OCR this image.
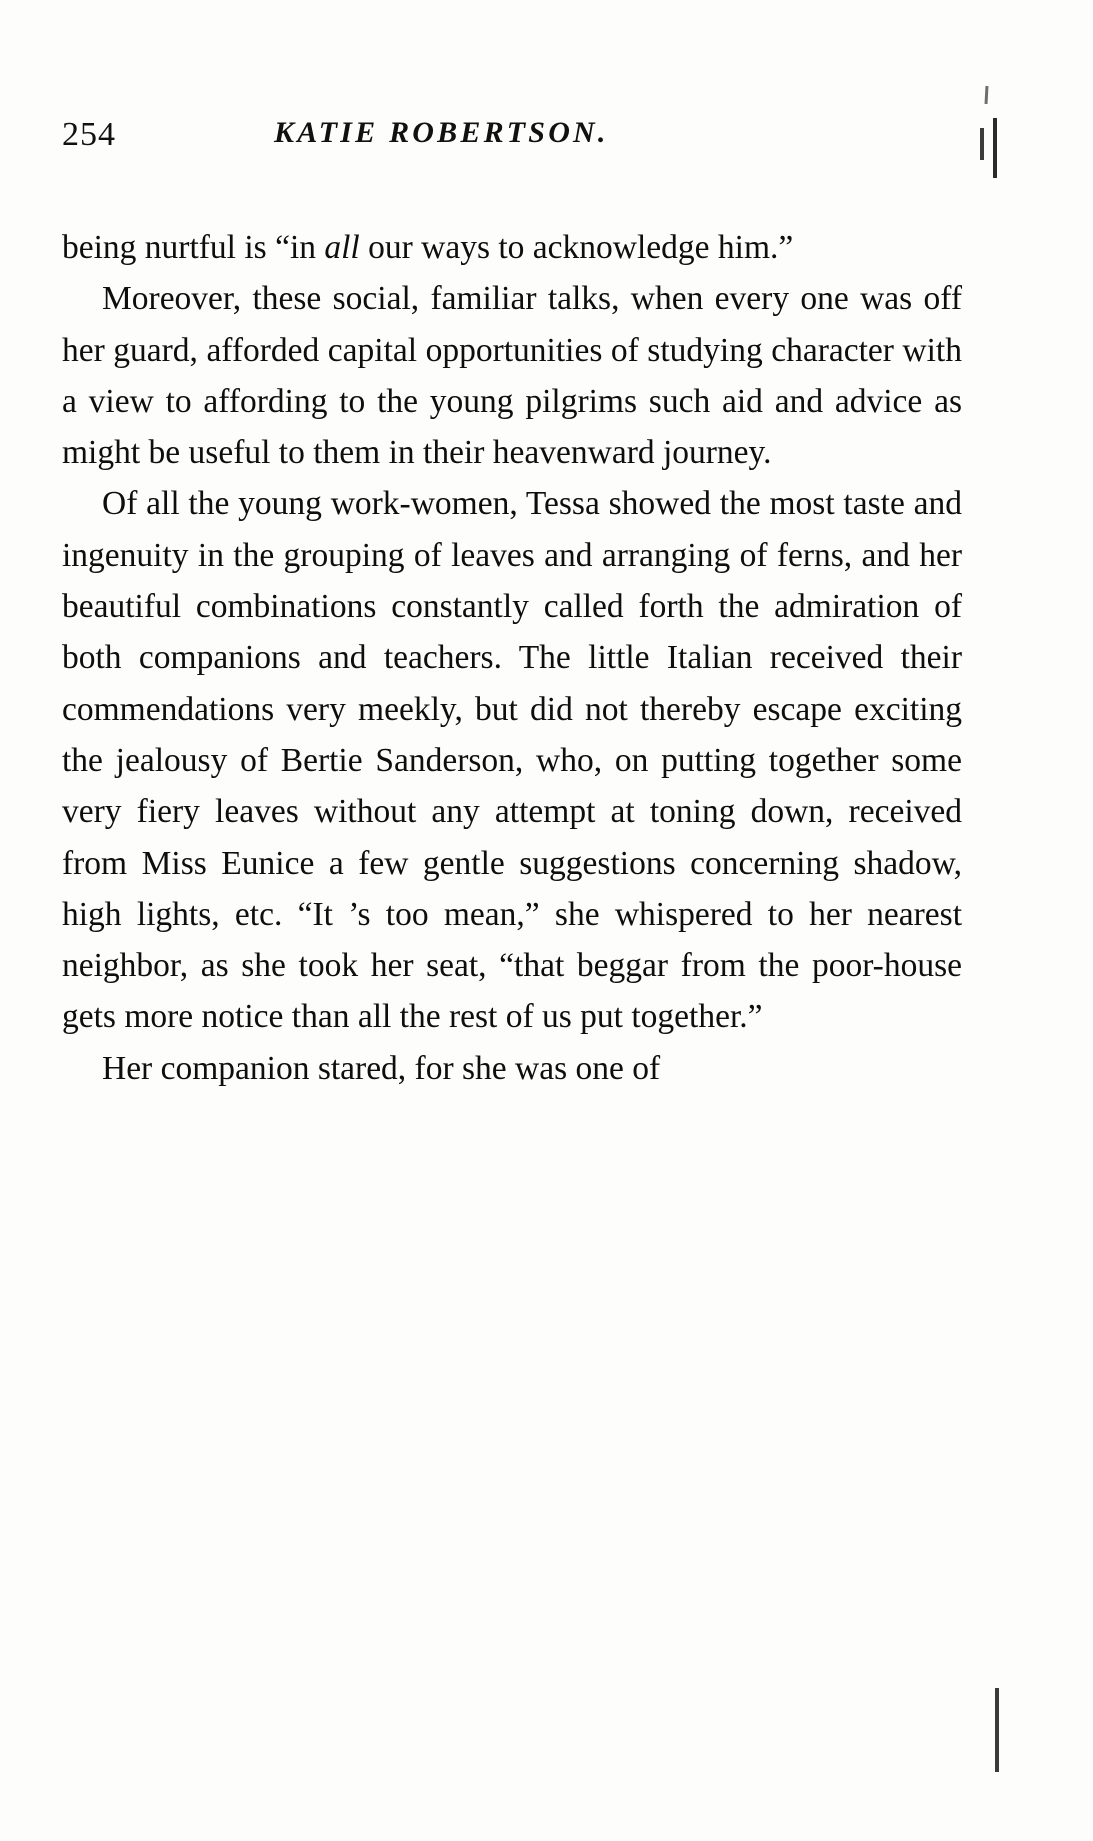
254	KATIE ROBERTSON.

being nurtful is “in all our ways to acknowledge him.”

Moreover, these social, familiar talks, when every one was off her guard, afforded capital opportunities of studying character with a view to affording to the young pilgrims such aid and advice as might be useful to them in their heavenward journey.

Of all the young work-women, Tessa showed the most taste and ingenuity in the grouping of leaves and arranging of ferns, and her beautiful combinations constantly called forth the admiration of both companions and teachers. The little Italian received their commendations very meekly, but did not thereby escape exciting the jealousy of Bertie Sanderson, who, on putting together some very fiery leaves without any attempt at toning down, received from Miss Eunice a few gentle suggestions concerning shadow, high lights, etc. “It ’s too mean,” she whispered to her nearest neighbor, as she took her seat, “that beggar from the poor-house gets more notice than all the rest of us put together.”

Her companion stared, for she was one of
